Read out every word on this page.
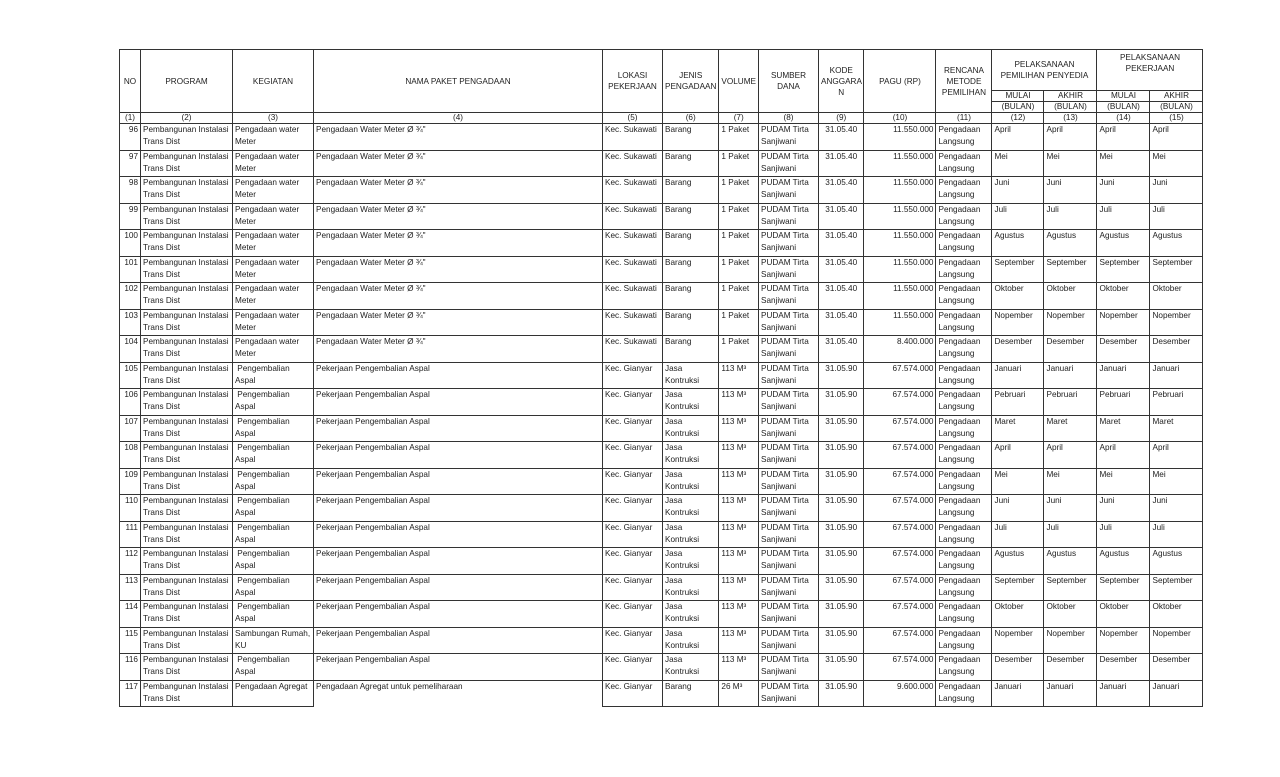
NO	PROGRAM	KEGIATAN	NAMA PAKET PENGADAAN	LOKASI PEKERJAAN	JENIS PENGADAAN	VOLUME	SUMBER DANA	KODE ANGGARA N	PAGU (RP)	RENCANA METODE PEMILIHAN	PELAKSANAAN PEMILIHAN PENYEDIA		PELAKSANAAN PEKERJAAN	
											MULAI	AKHIR	MULAI	AKHIR
											(BULAN)	(BULAN)	(BULAN)	(BULAN)
(1)	(2)	(3)	(4)	(5)	(6)	(7)	(8)	(9)	(10)	(11)	(12)	(13)	(14)	(15)
96	Pembangunan Instalasi Trans Dist	Pengadaan water Meter	Pengadaan Water Meter Ø ¾"	Kec. Sukawati	Barang	1 Paket	PUDAM Tirta Sanjiwani	31.05.40	11.550.000	Pengadaan Langsung	April	April	April	April
97	Pembangunan Instalasi Trans Dist	Pengadaan water Meter	Pengadaan Water Meter Ø ¾"	Kec. Sukawati	Barang	1 Paket	PUDAM Tirta Sanjiwani	31.05.40	11.550.000	Pengadaan Langsung	Mei	Mei	Mei	Mei
98	Pembangunan Instalasi Trans Dist	Pengadaan water Meter	Pengadaan Water Meter Ø ¾"	Kec. Sukawati	Barang	1 Paket	PUDAM Tirta Sanjiwani	31.05.40	11.550.000	Pengadaan Langsung	Juni	Juni	Juni	Juni
99	Pembangunan Instalasi Trans Dist	Pengadaan water Meter	Pengadaan Water Meter Ø ¾"	Kec. Sukawati	Barang	1 Paket	PUDAM Tirta Sanjiwani	31.05.40	11.550.000	Pengadaan Langsung	Juli	Juli	Juli	Juli
100	Pembangunan Instalasi Trans Dist	Pengadaan water Meter	Pengadaan Water Meter Ø ¾"	Kec. Sukawati	Barang	1 Paket	PUDAM Tirta Sanjiwani	31.05.40	11.550.000	Pengadaan Langsung	Agustus	Agustus	Agustus	Agustus
101	Pembangunan Instalasi Trans Dist	Pengadaan water Meter	Pengadaan Water Meter Ø ¾"	Kec. Sukawati	Barang	1 Paket	PUDAM Tirta Sanjiwani	31.05.40	11.550.000	Pengadaan Langsung	September	September	September	September
102	Pembangunan Instalasi Trans Dist	Pengadaan water Meter	Pengadaan Water Meter Ø ¾"	Kec. Sukawati	Barang	1 Paket	PUDAM Tirta Sanjiwani	31.05.40	11.550.000	Pengadaan Langsung	Oktober	Oktober	Oktober	Oktober
103	Pembangunan Instalasi Trans Dist	Pengadaan water Meter	Pengadaan Water Meter Ø ¾"	Kec. Sukawati	Barang	1 Paket	PUDAM Tirta Sanjiwani	31.05.40	11.550.000	Pengadaan Langsung	Nopember	Nopember	Nopember	Nopember
104	Pembangunan Instalasi Trans Dist	Pengadaan water Meter	Pengadaan Water Meter Ø ¾"	Kec. Sukawati	Barang	1 Paket	PUDAM Tirta Sanjiwani	31.05.40	8.400.000	Pengadaan Langsung	Desember	Desember	Desember	Desember
105	Pembangunan Instalasi Trans Dist	Pengembalian Aspal	Pekerjaan Pengembalian Aspal	Kec. Gianyar	Jasa Kontruksi	113 M³	PUDAM Tirta Sanjiwani	31.05.90	67.574.000	Pengadaan Langsung	Januari	Januari	Januari	Januari
106	Pembangunan Instalasi Trans Dist	Pengembalian Aspal	Pekerjaan Pengembalian Aspal	Kec. Gianyar	Jasa Kontruksi	113 M³	PUDAM Tirta Sanjiwani	31.05.90	67.574.000	Pengadaan Langsung	Pebruari	Pebruari	Pebruari	Pebruari
107	Pembangunan Instalasi Trans Dist	Pengembalian Aspal	Pekerjaan Pengembalian Aspal	Kec. Gianyar	Jasa Kontruksi	113 M³	PUDAM Tirta Sanjiwani	31.05.90	67.574.000	Pengadaan Langsung	Maret	Maret	Maret	Maret
108	Pembangunan Instalasi Trans Dist	Pengembalian Aspal	Pekerjaan Pengembalian Aspal	Kec. Gianyar	Jasa Kontruksi	113 M³	PUDAM Tirta Sanjiwani	31.05.90	67.574.000	Pengadaan Langsung	April	April	April	April
109	Pembangunan Instalasi Trans Dist	Pengembalian Aspal	Pekerjaan Pengembalian Aspal	Kec. Gianyar	Jasa Kontruksi	113 M³	PUDAM Tirta Sanjiwani	31.05.90	67.574.000	Pengadaan Langsung	Mei	Mei	Mei	Mei
110	Pembangunan Instalasi Trans Dist	Pengembalian Aspal	Pekerjaan Pengembalian Aspal	Kec. Gianyar	Jasa Kontruksi	113 M³	PUDAM Tirta Sanjiwani	31.05.90	67.574.000	Pengadaan Langsung	Juni	Juni	Juni	Juni
111	Pembangunan Instalasi Trans Dist	Pengembalian Aspal	Pekerjaan Pengembalian Aspal	Kec. Gianyar	Jasa Kontruksi	113 M³	PUDAM Tirta Sanjiwani	31.05.90	67.574.000	Pengadaan Langsung	Juli	Juli	Juli	Juli
112	Pembangunan Instalasi Trans Dist	Pengembalian Aspal	Pekerjaan Pengembalian Aspal	Kec. Gianyar	Jasa Kontruksi	113 M³	PUDAM Tirta Sanjiwani	31.05.90	67.574.000	Pengadaan Langsung	Agustus	Agustus	Agustus	Agustus
113	Pembangunan Instalasi Trans Dist	Pengembalian Aspal	Pekerjaan Pengembalian Aspal	Kec. Gianyar	Jasa Kontruksi	113 M³	PUDAM Tirta Sanjiwani	31.05.90	67.574.000	Pengadaan Langsung	September	September	September	September
114	Pembangunan Instalasi Trans Dist	Pengembalian Aspal	Pekerjaan Pengembalian Aspal	Kec. Gianyar	Jasa Kontruksi	113 M³	PUDAM Tirta Sanjiwani	31.05.90	67.574.000	Pengadaan Langsung	Oktober	Oktober	Oktober	Oktober
115	Pembangunan Instalasi Trans Dist	Sambungan Rumah, KU	Pekerjaan Pengembalian Aspal	Kec. Gianyar	Jasa Kontruksi	113 M³	PUDAM Tirta Sanjiwani	31.05.90	67.574.000	Pengadaan Langsung	Nopember	Nopember	Nopember	Nopember
116	Pembangunan Instalasi Trans Dist	Pengembalian Aspal	Pekerjaan Pengembalian Aspal	Kec. Gianyar	Jasa Kontruksi	113 M³	PUDAM Tirta Sanjiwani	31.05.90	67.574.000	Pengadaan Langsung	Desember	Desember	Desember	Desember
117	Pembangunan Instalasi Trans Dist	Pengadaan Agregat	Pengadaan Agregat untuk pemeliharaan	Kec. Gianyar	Barang	26 M³	PUDAM Tirta Sanjiwani	31.05.90	9.600.000	Pengadaan Langsung	Januari	Januari	Januari	Januari
